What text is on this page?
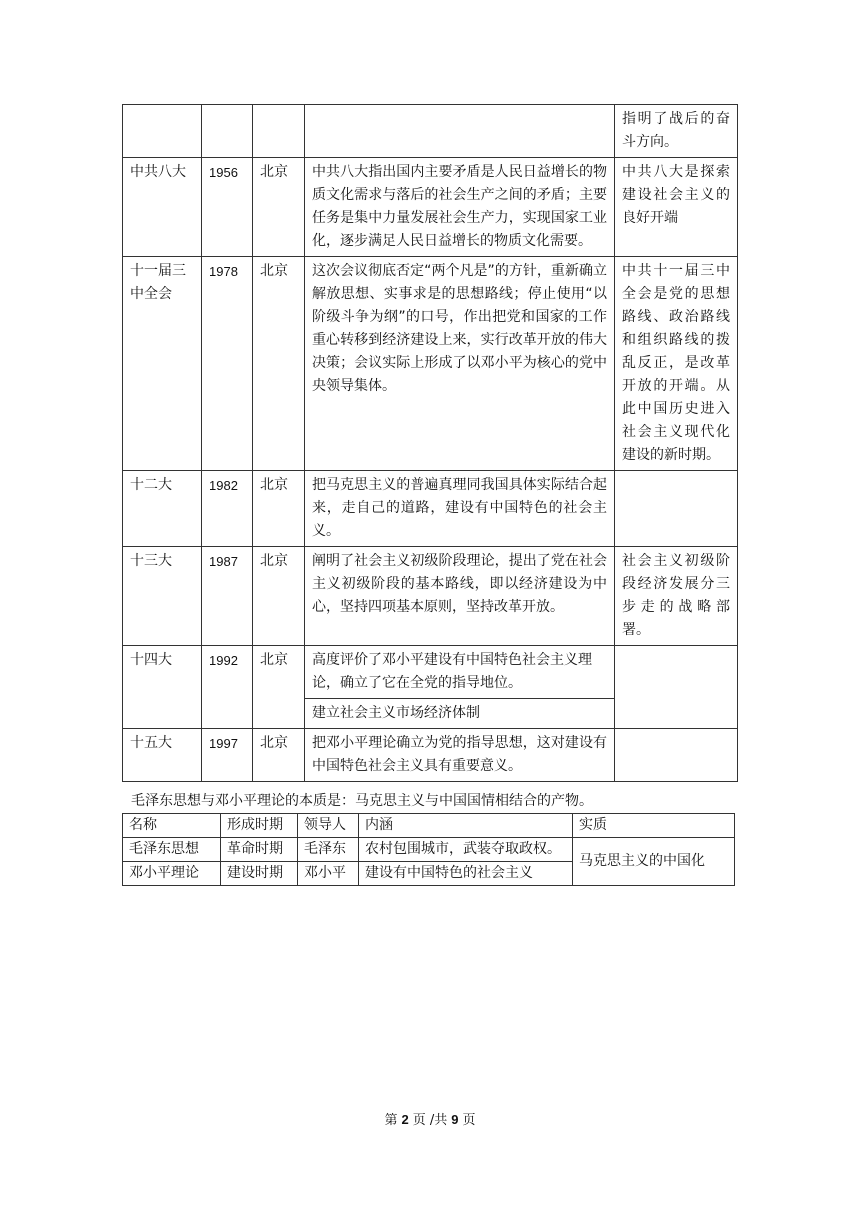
				指明了战后的奋斗方向。
中共八大	1956	北京	中共八大指出国内主要矛盾是人民日益增长的物质文化需求与落后的社会生产之间的矛盾；主要任务是集中力量发展社会生产力，实现国家工业化，逐步满足人民日益增长的物质文化需要。	中共八大是探索建设社会主义的良好开端
十一届三中全会	1978	北京	这次会议彻底否定“两个凡是”的方针，重新确立解放思想、实事求是的思想路线；停止使用“以阶级斗争为纲”的口号，作出把党和国家的工作重心转移到经济建设上来，实行改革开放的伟大决策；会议实际上形成了以邓小平为核心的党中央领导集体。	中共十一届三中全会是党的思想路线、政治路线和组织路线的拨乱反正，是改革开放的开端。从此中国历史进入社会主义现代化建设的新时期。
十二大	1982	北京	把马克思主义的普遍真理同我国具体实际结合起来，走自己的道路，建设有中国特色的社会主义。	
十三大	1987	北京	阐明了社会主义初级阶段理论，提出了党在社会主义初级阶段的基本路线，即以经济建设为中心，坚持四项基本原则，坚持改革开放。	社会主义初级阶段经济发展分三步走的战略部署。
十四大	1992	北京	高度评价了邓小平建设有中国特色社会主义理论，确立了它在全党的指导地位。
建立社会主义市场经济体制	

十五大	1997	北京	把邓小平理论确立为党的指导思想，这对建设有中国特色社会主义具有重要意义。	
毛泽东思想与邓小平理论的本质是：马克思主义与中国国情相结合的产物。
名称	形成时期	领导人	内涵	实质
毛泽东思想	革命时期	毛泽东	农村包围城市，武装夺取政权。	马克思主义的中国化
邓小平理论	建设时期	邓小平	建设有中国特色的社会主义	
第 2 页 /共 9 页
